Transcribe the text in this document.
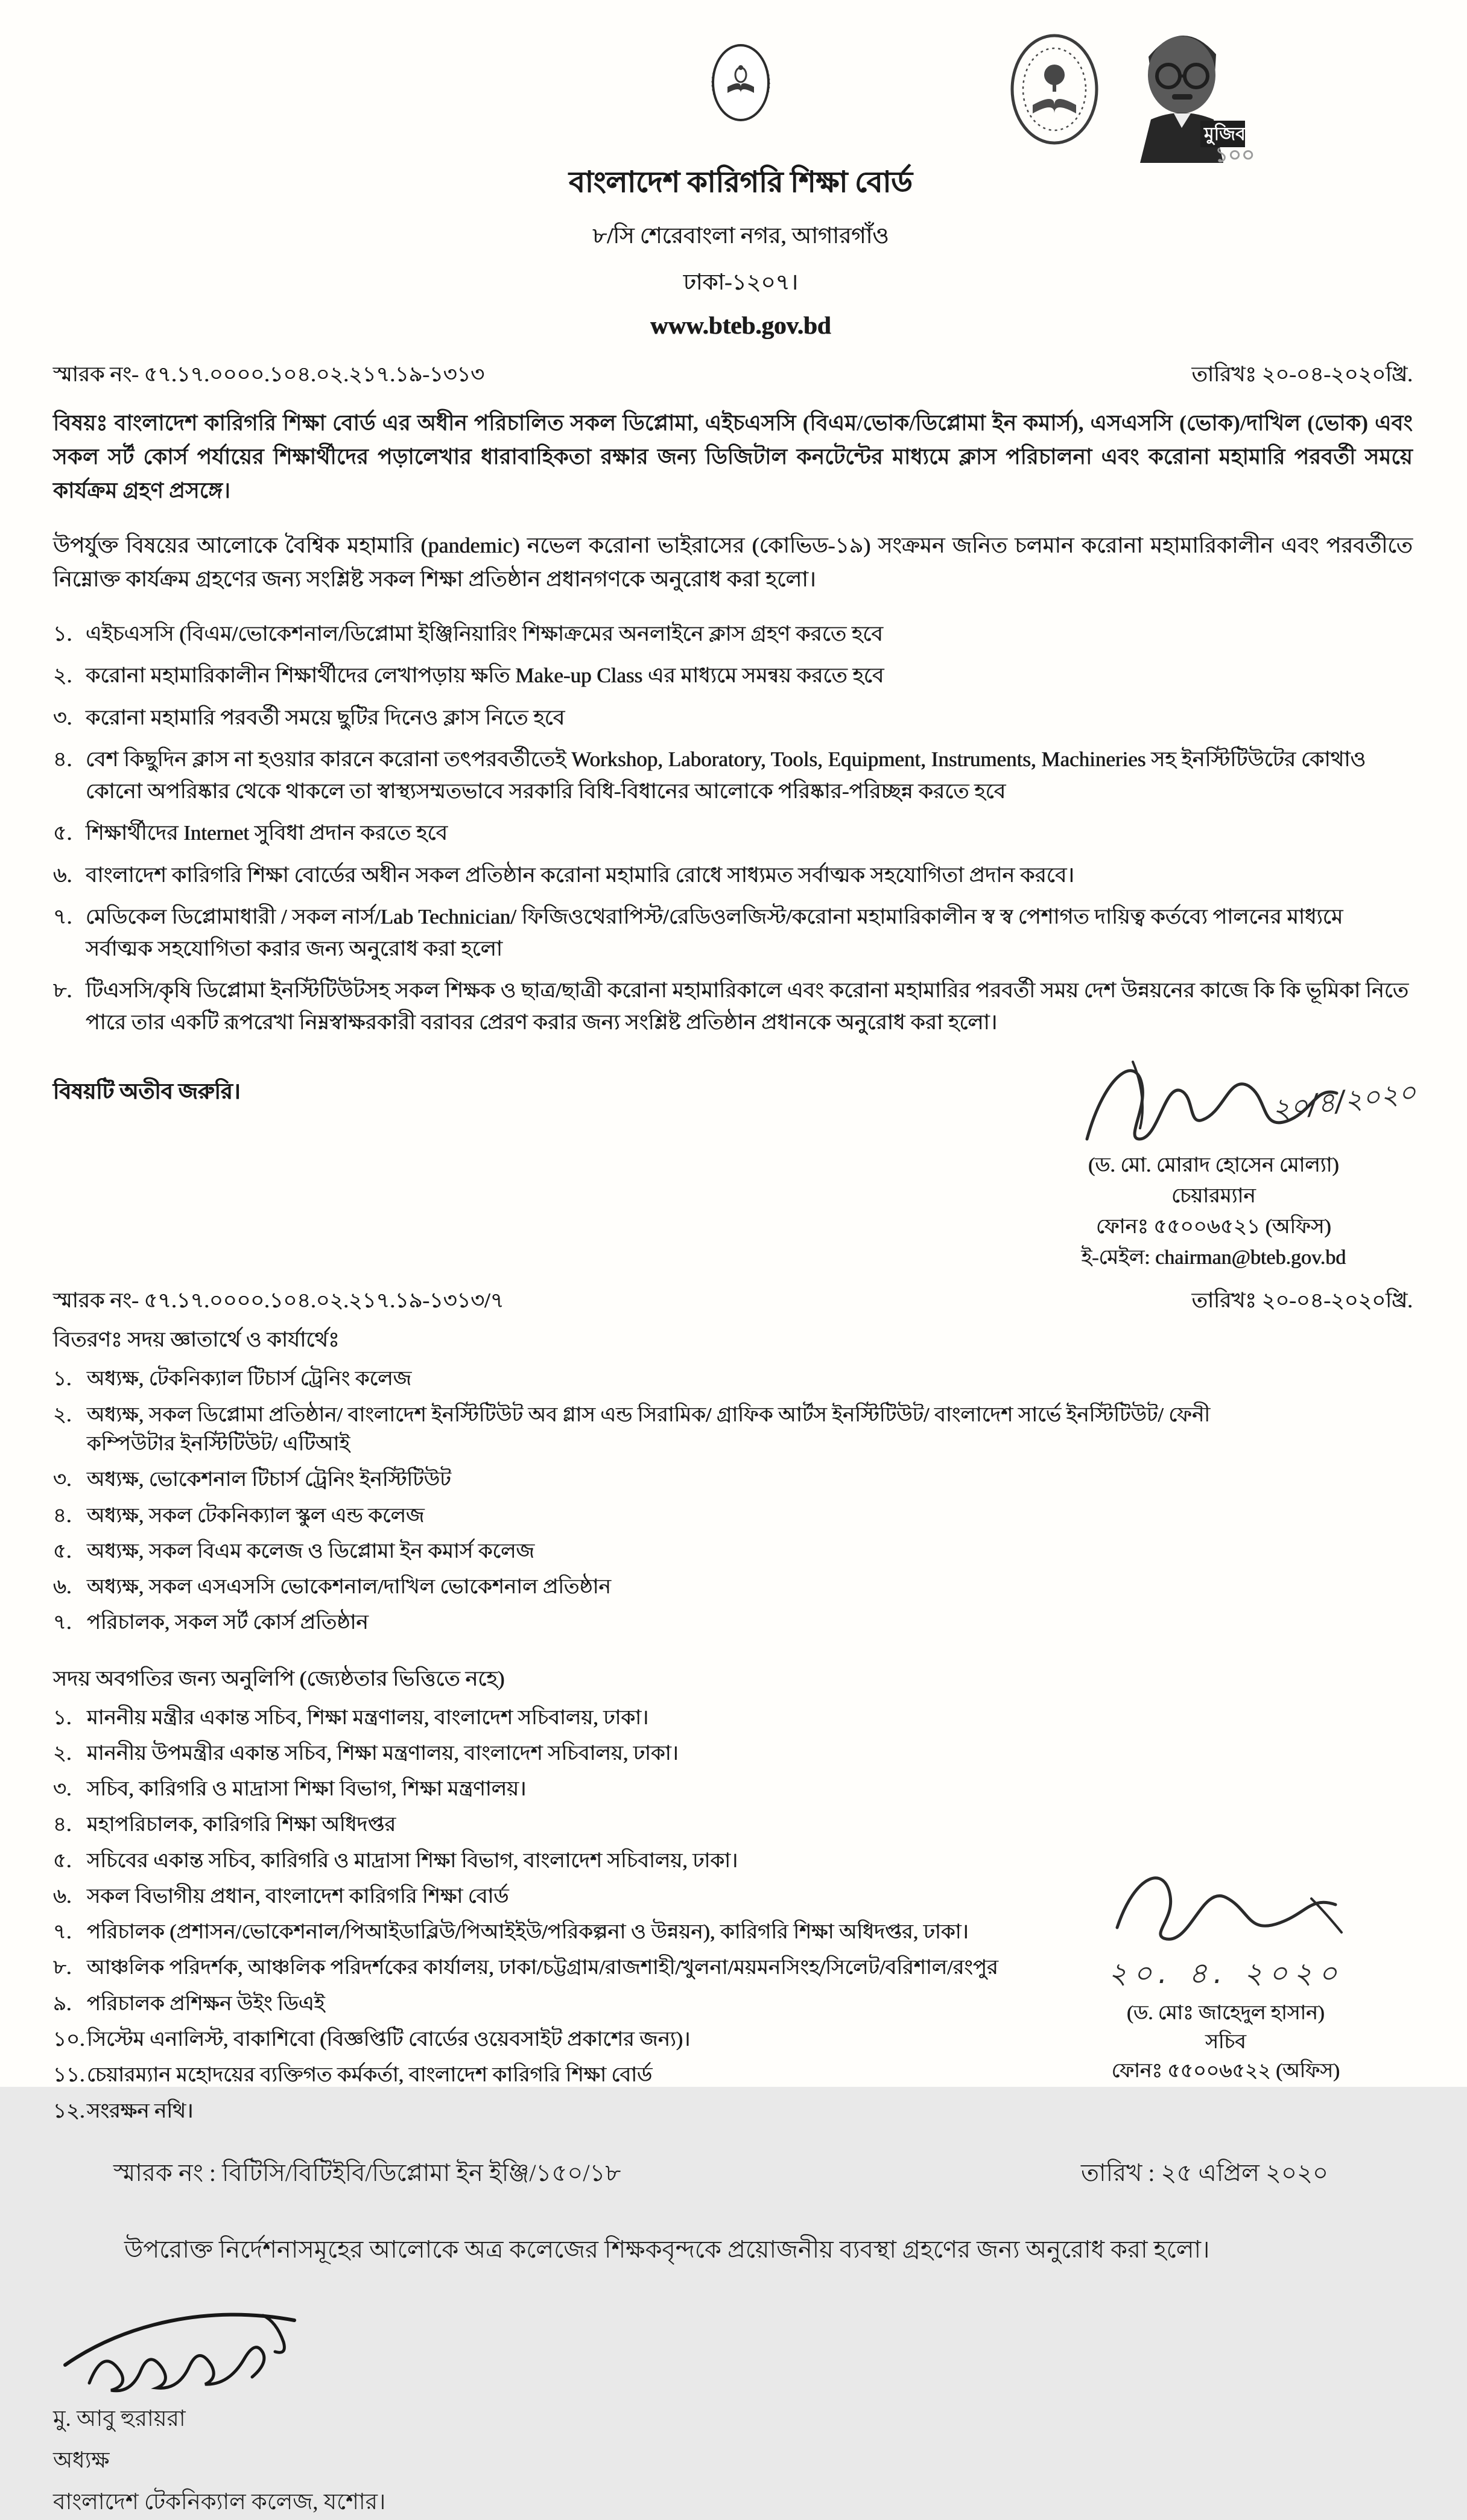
বাংলাদেশ কারিগরি শিক্ষা বোর্ড
৮/সি শেরেবাংলা নগর, আগারগাঁও
ঢাকা-১২০৭।
www.bteb.gov.bd
মুজিব
১০০
স্মারক নং- ৫৭.১৭.০০০০.১০৪.০২.২১৭.১৯-১৩১৩	তারিখঃ ২০-০৪-২০২০খ্রি.

বিষয়ঃ বাংলাদেশ কারিগরি শিক্ষা বোর্ড এর অধীন পরিচালিত সকল ডিপ্লোমা, এইচএসসি (বিএম/ভোক/ডিপ্লোমা ইন কমার্স), এসএসসি (ভোক)/দাখিল (ভোক) এবং সকল সর্ট কোর্স পর্যায়ের শিক্ষার্থীদের পড়ালেখার ধারাবাহিকতা রক্ষার জন্য ডিজিটাল কনটেন্টের মাধ্যমে ক্লাস পরিচালনা এবং করোনা মহামারি পরবর্তী সময়ে কার্যক্রম গ্রহণ প্রসঙ্গে।

উপর্যুক্ত বিষয়ের আলোকে বৈশ্বিক মহামারি (pandemic) নভেল করোনা ভাইরাসের (কোভিড-১৯) সংক্রমন জনিত চলমান করোনা মহামারিকালীন এবং পরবর্তীতে নিম্নোক্ত কার্যক্রম গ্রহণের জন্য সংশ্লিষ্ট সকল শিক্ষা প্রতিষ্ঠান প্রধানগণকে অনুরোধ করা হলো।

১. এইচএসসি (বিএম/ভোকেশনাল/ডিপ্লোমা ইঞ্জিনিয়ারিং শিক্ষাক্রমের অনলাইনে ক্লাস গ্রহণ করতে হবে
২. করোনা মহামারিকালীন শিক্ষার্থীদের লেখাপড়ায় ক্ষতি Make-up Class এর মাধ্যমে সমন্বয় করতে হবে
৩. করোনা মহামারি পরবর্তী সময়ে ছুটির দিনেও ক্লাস নিতে হবে
৪. বেশ কিছুদিন ক্লাস না হওয়ার কারনে করোনা তৎপরবর্তীতেই Workshop, Laboratory, Tools, Equipment, Instruments, Machineries সহ ইনস্টিটিউটের কোথাও কোনো অপরিষ্কার থেকে থাকলে তা স্বাস্থ্যসম্মতভাবে সরকারি বিধি-বিধানের আলোকে পরিষ্কার-পরিচ্ছন্ন করতে হবে
৫. শিক্ষার্থীদের Internet সুবিধা প্রদান করতে হবে
৬. বাংলাদেশ কারিগরি শিক্ষা বোর্ডের অধীন সকল প্রতিষ্ঠান করোনা মহামারি রোধে সাধ্যমত সর্বাত্মক সহযোগিতা প্রদান করবে।
৭. মেডিকেল ডিপ্লোমাধারী / সকল নার্স/Lab Technician/ ফিজিওথেরাপিস্ট/রেডিওলজিস্ট/করোনা মহামারিকালীন স্ব স্ব পেশাগত দায়িত্ব কর্তব্যে পালনের মাধ্যমে সর্বাত্মক সহযোগিতা করার জন্য অনুরোধ করা হলো
৮. টিএসসি/কৃষি ডিপ্লোমা ইনস্টিটিউটসহ সকল শিক্ষক ও ছাত্র/ছাত্রী করোনা মহামারিকালে এবং করোনা মহামারির পরবর্তী সময় দেশ উন্নয়নের কাজে কি কি ভূমিকা নিতে পারে তার একটি রূপরেখা নিম্নস্বাক্ষরকারী বরাবর প্রেরণ করার জন্য সংশ্লিষ্ট প্রতিষ্ঠান প্রধানকে অনুরোধ করা হলো।
বিষয়টি অতীব জরুরি।	২০/৪/২০২০
(ড. মো. মোরাদ হোসেন মোল্যা)
চেয়ারম্যান
ফোনঃ ৫৫০০৬৫২১ (অফিস)
ই-মেইল: chairman@bteb.gov.bd
স্মারক নং- ৫৭.১৭.০০০০.১০৪.০২.২১৭.১৯-১৩১৩/৭	তারিখঃ ২০-০৪-২০২০খ্রি.
বিতরণঃ সদয় জ্ঞাতার্থে ও কার্যার্থেঃ
১. অধ্যক্ষ, টেকনিক্যাল টিচার্স ট্রেনিং কলেজ
২. অধ্যক্ষ, সকল ডিপ্লোমা প্রতিষ্ঠান/ বাংলাদেশ ইনস্টিটিউট অব গ্লাস এন্ড সিরামিক/ গ্রাফিক আর্টস ইনস্টিটিউট/ বাংলাদেশ সার্ভে ইনস্টিটিউট/ ফেনী কম্পিউটার ইনস্টিটিউট/ এটিআই
৩. অধ্যক্ষ, ভোকেশনাল টিচার্স ট্রেনিং ইনস্টিটিউট
৪. অধ্যক্ষ, সকল টেকনিক্যাল স্কুল এন্ড কলেজ
৫. অধ্যক্ষ, সকল বিএম কলেজ ও ডিপ্লোমা ইন কমার্স কলেজ
৬. অধ্যক্ষ, সকল এসএসসি ভোকেশনাল/দাখিল ভোকেশনাল প্রতিষ্ঠান
৭. পরিচালক, সকল সর্ট কোর্স প্রতিষ্ঠান
সদয় অবগতির জন্য অনুলিপি (জ্যেষ্ঠতার ভিত্তিতে নহে)
১. মাননীয় মন্ত্রীর একান্ত সচিব, শিক্ষা মন্ত্রণালয়, বাংলাদেশ সচিবালয়, ঢাকা।
২. মাননীয় উপমন্ত্রীর একান্ত সচিব, শিক্ষা মন্ত্রণালয়, বাংলাদেশ সচিবালয়, ঢাকা।
৩. সচিব, কারিগরি ও মাদ্রাসা শিক্ষা বিভাগ, শিক্ষা মন্ত্রণালয়।
৪. মহাপরিচালক, কারিগরি শিক্ষা অধিদপ্তর
৫. সচিবের একান্ত সচিব, কারিগরি ও মাদ্রাসা শিক্ষা বিভাগ, বাংলাদেশ সচিবালয়, ঢাকা।
৬. সকল বিভাগীয় প্রধান, বাংলাদেশ কারিগরি শিক্ষা বোর্ড
৭. পরিচালক (প্রশাসন/ভোকেশনাল/পিআইডাব্লিউ/পিআইইউ/পরিকল্পনা ও উন্নয়ন), কারিগরি শিক্ষা অধিদপ্তর, ঢাকা।
৮. আঞ্চলিক পরিদর্শক, আঞ্চলিক পরিদর্শকের কার্যালয়, ঢাকা/চট্টগ্রাম/রাজশাহী/খুলনা/ময়মনসিংহ/সিলেট/বরিশাল/রংপুর
৯. পরিচালক প্রশিক্ষন উইং ডিএই
১০. সিস্টেম এনালিস্ট, বাকাশিবো (বিজ্ঞপ্তিটি বোর্ডের ওয়েবসাইট প্রকাশের জন্য)।
১১. চেয়ারম্যান মহোদয়ের ব্যক্তিগত কর্মকর্তা, বাংলাদেশ কারিগরি শিক্ষা বোর্ড
১২. সংরক্ষন নথি।
২০. ৪. ২০২০
(ড. মোঃ জাহেদুল হাসান)
সচিব
ফোনঃ ৫৫০০৬৫২২ (অফিস)
স্মারক নং : বিটিসি/বিটিইবি/ডিপ্লোমা ইন ইঞ্জি/১৫০/১৮	তারিখ : ২৫ এপ্রিল ২০২০

উপরোক্ত নির্দেশনাসমূহের আলোকে অত্র কলেজের শিক্ষকবৃন্দকে প্রয়োজনীয় ব্যবস্থা গ্রহণের জন্য অনুরোধ করা হলো।

মু. আবু হুরায়রা
অধ্যক্ষ
বাংলাদেশ টেকনিক্যাল কলেজ, যশোর।
